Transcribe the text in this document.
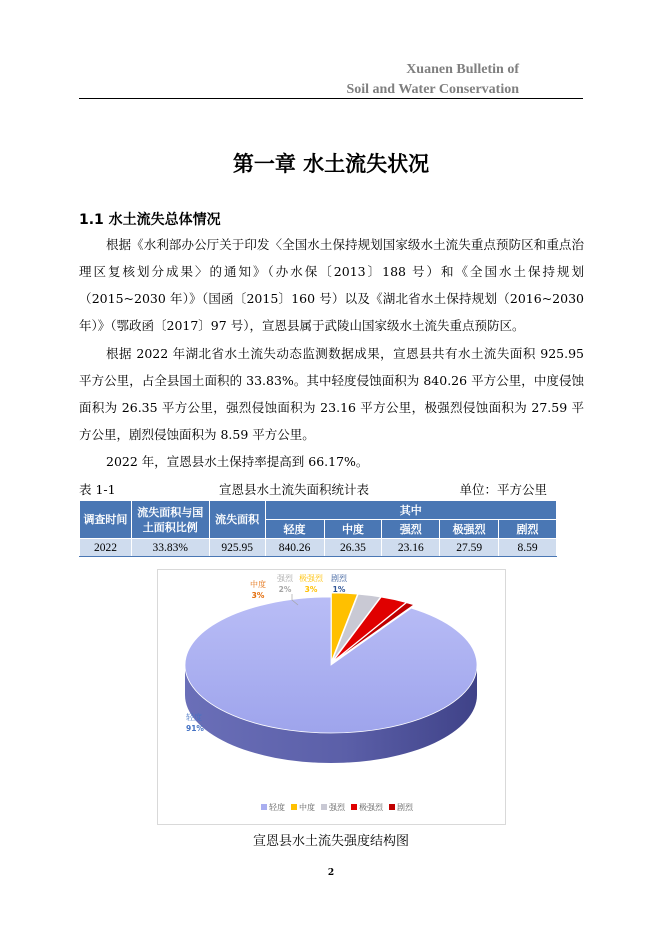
Xuanen Bulletin of
Soil and Water Conservation
第一章 水土流失状况
1.1 水土流失总体情况

根据《水利部办公厅关于印发〈全国水土保持规划国家级水土流失重点预防区和重点治理区复核划分成果〉的通知》（办水保〔2013〕188 号）和《全国水土保持规划（2015~2030 年）》（国函〔2015〕160 号）以及《湖北省水土保持规划（2016~2030年）》（鄂政函〔2017〕97 号），宣恩县属于武陵山国家级水土流失重点预防区。

根据 2022 年湖北省水土流失动态监测数据成果，宣恩县共有水土流失面积 925.95 平方公里，占全县国土面积的 33.83%。其中轻度侵蚀面积为 840.26 平方公里，中度侵蚀面积为 26.35 平方公里，强烈侵蚀面积为 23.16 平方公里，极强烈侵蚀面积为 27.59 平方公里，剧烈侵蚀面积为 8.59 平方公里。

2022 年，宣恩县水土保持率提高到 66.17%。

表 1-1	宣恩县水土流失面积统计表	单位：平方公里
调查时间	流失面积与国土面积比例	流失面积	其中				
			轻度	中度	强烈	极强烈	剧烈
2022	33.83%	925.95	840.26	26.35	23.16	27.59	8.59
轻度
91%
中度
3%
强烈
2%
极强烈
3%
剧烈
1%
轻度 中度 强烈 极强烈 剧烈
宣恩县水土流失强度结构图
2
